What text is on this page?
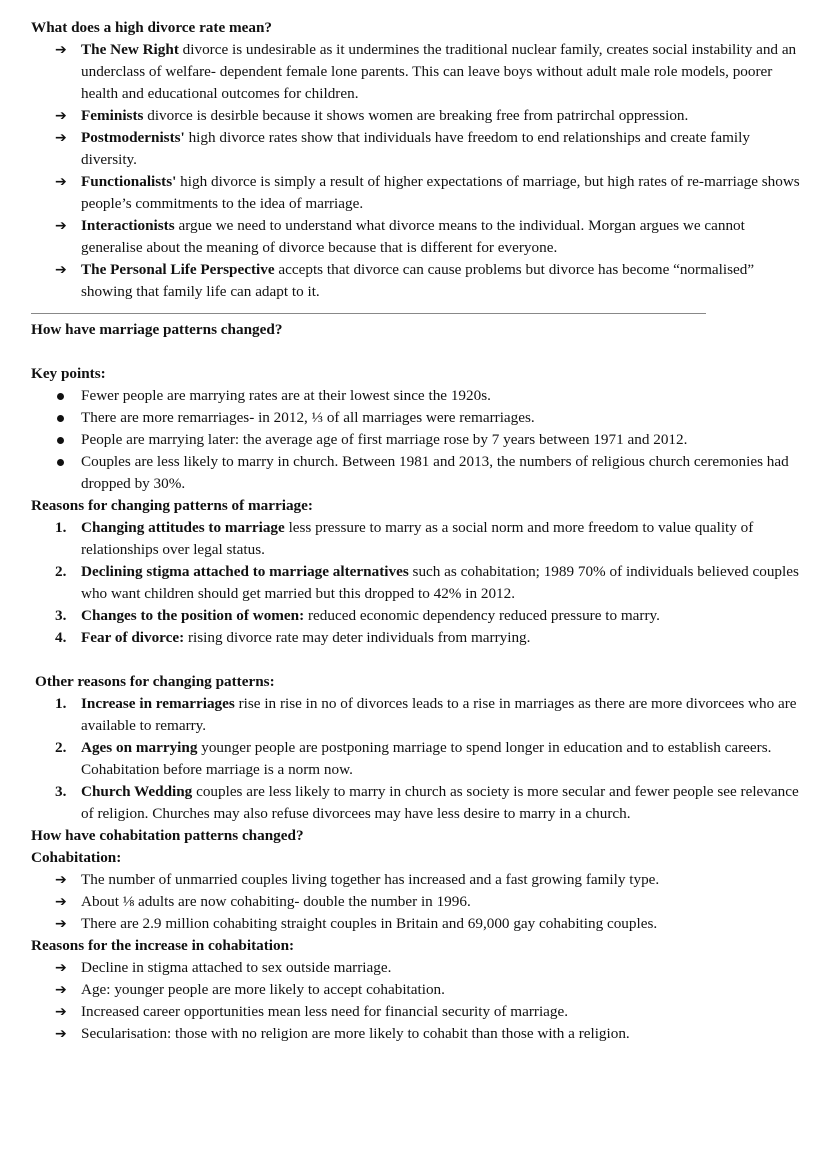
What does a high divorce rate mean?

➔ The New Right divorce is undesirable as it undermines the traditional nuclear family, creates social instability and an underclass of welfare- dependent female lone parents. This can leave boys without adult male role models, poorer health and educational outcomes for children.
➔ Feminists divorce is desirble because it shows women are breaking free from patrirchal oppression.
➔ Postmodernists' high divorce rates show that individuals have freedom to end relationships and create family diversity.
➔ Functionalists' high divorce is simply a result of higher expectations of marriage, but high rates of re-marriage shows people’s commitments to the idea of marriage.
➔ Interactionists argue we need to understand what divorce means to the individual. Morgan argues we cannot generalise about the meaning of divorce because that is different for everyone.
➔ The Personal Life Perspective accepts that divorce can cause problems but divorce has become “normalised” showing that family life can adapt to it.

How have marriage patterns changed?

Key points:

Fewer people are marrying rates are at their lowest since the 1920s.
There are more remarriages- in 2012, ⅓ of all marriages were remarriages.
People are marrying later: the average age of first marriage rose by 7 years between 1971 and 2012.
Couples are less likely to marry in church. Between 1981 and 2013, the numbers of religious church ceremonies had dropped by 30%.

Reasons for changing patterns of marriage:

1. Changing attitudes to marriage less pressure to marry as a social norm and more freedom to value quality of relationships over legal status.
2. Declining stigma attached to marriage alternatives such as cohabitation; 1989 70% of individuals believed couples who want children should get married but this dropped to 42% in 2012.
3. Changes to the position of women: reduced economic dependency reduced pressure to marry.
4. Fear of divorce: rising divorce rate may deter individuals from marrying.

Other reasons for changing patterns:

1. Increase in remarriages rise in rise in no of divorces leads to a rise in marriages as there are more divorcees who are available to remarry.
2. Ages on marrying younger people are postponing marriage to spend longer in education and to establish careers. Cohabitation before marriage is a norm now.
3. Church Wedding couples are less likely to marry in church as society is more secular and fewer people see relevance of religion. Churches may also refuse divorcees may have less desire to marry in a church.

How have cohabitation patterns changed?

Cohabitation:

➔ The number of unmarried couples living together has increased and a fast growing family type.
➔ About ⅛ adults are now cohabiting- double the number in 1996.
➔ There are 2.9 million cohabiting straight couples in Britain and 69,000 gay cohabiting couples.

Reasons for the increase in cohabitation:

➔ Decline in stigma attached to sex outside marriage.
➔ Age: younger people are more likely to accept cohabitation.
➔ Increased career opportunities mean less need for financial security of marriage.
➔ Secularisation: those with no religion are more likely to cohabit than those with a religion.
